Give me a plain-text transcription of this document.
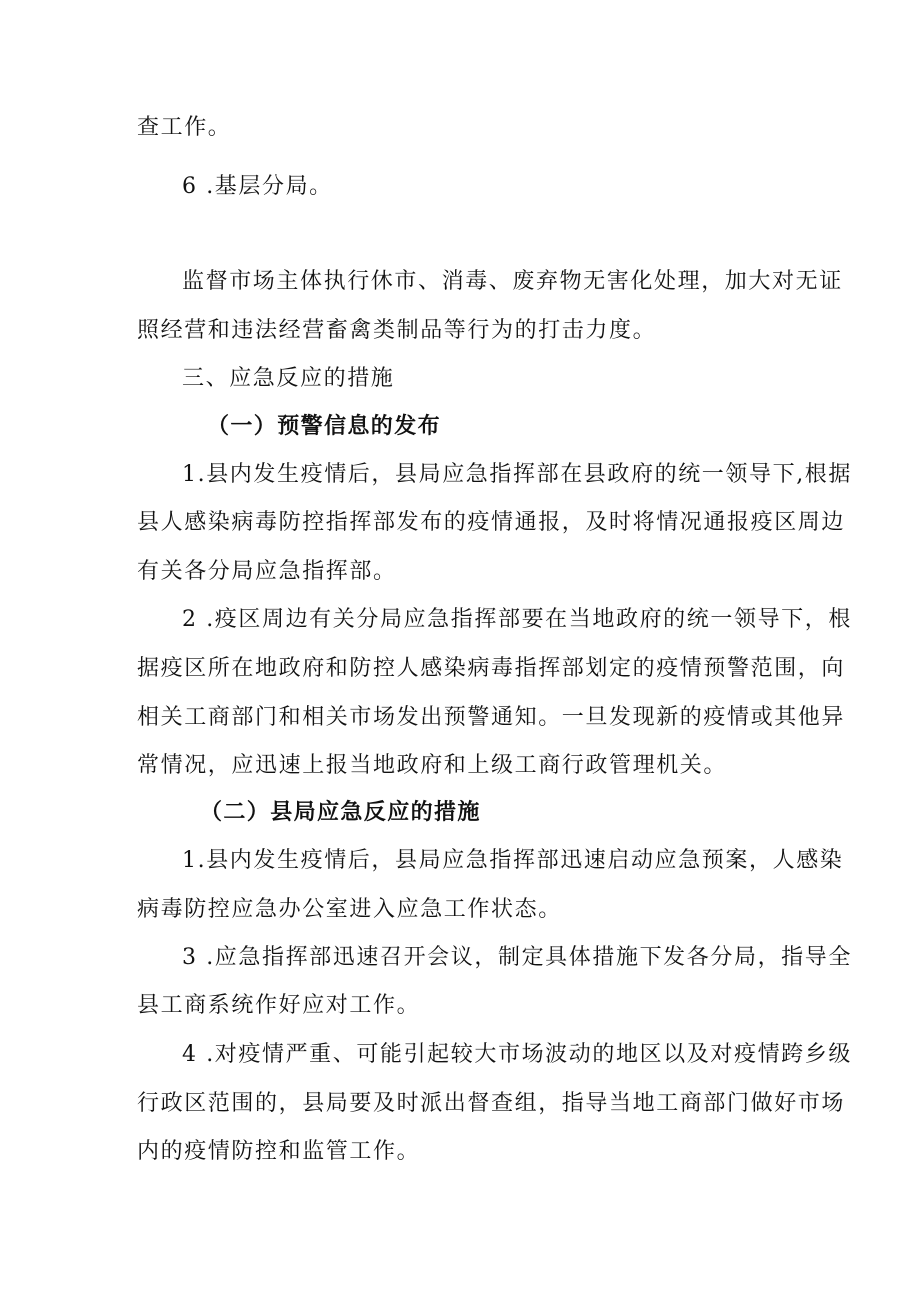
查工作。
6 .基层分局。
监督市场主体执行休市、消毒、废弃物无害化处理，加大对无证
照经营和违法经营畜禽类制品等行为的打击力度。
三、应急反应的措施
（一）预警信息的发布
1.县内发生疫情后，县局应急指挥部在县政府的统一领导下,根据
县人感染病毒防控指挥部发布的疫情通报，及时将情况通报疫区周边
有关各分局应急指挥部。
2 .疫区周边有关分局应急指挥部要在当地政府的统一领导下，根
据疫区所在地政府和防控人感染病毒指挥部划定的疫情预警范围，向
相关工商部门和相关市场发出预警通知。一旦发现新的疫情或其他异
常情况，应迅速上报当地政府和上级工商行政管理机关。
（二）县局应急反应的措施
1.县内发生疫情后，县局应急指挥部迅速启动应急预案，人感染
病毒防控应急办公室进入应急工作状态。
3 .应急指挥部迅速召开会议，制定具体措施下发各分局，指导全
县工商系统作好应对工作。
4 .对疫情严重、可能引起较大市场波动的地区以及对疫情跨乡级
行政区范围的，县局要及时派出督查组，指导当地工商部门做好市场
内的疫情防控和监管工作。
